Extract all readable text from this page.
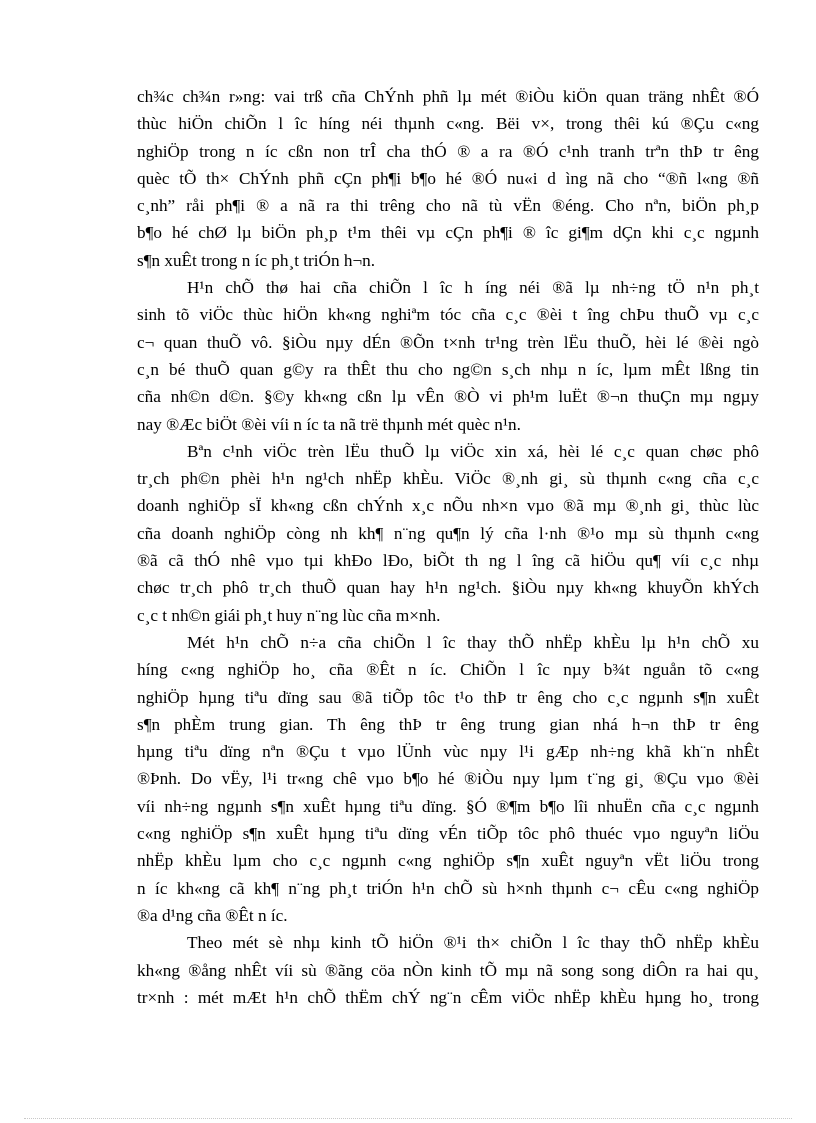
ch¾c ch¾n r»ng: vai trß cña ChÝnh phñ lµ mét ®iÒu kiÖn quan träng nhÊt ®Ó
thùc hiÖn chiÕn l îc híng néi thµnh c«ng. Bëi v×, trong thêi kú ®Çu c«ng
nghiÖp trong n íc cßn non trÎ cha thÓ ® a ra ®Ó c¹nh tranh trªn thÞ tr êng
quèc tÕ th× ChÝnh phñ cÇn ph¶i b¶o hé ®Ó nu«i d ìng nã cho “®ñ l«ng ®ñ
c¸nh” råi ph¶i ® a nã ra thi trêng cho nã tù vËn ®éng. Cho nªn, biÖn ph¸p
b¶o hé chØ lµ biÖn ph¸p t¹m thêi vµ cÇn ph¶i ® îc gi¶m dÇn khi c¸c ngµnh
s¶n xuÊt trong n íc ph¸t triÓn h¬n.
H¹n chÕ thø hai cña chiÕn l îc h íng néi ®ã lµ nh÷ng tÖ n¹n ph¸t
sinh tõ viÖc thùc hiÖn kh«ng nghiªm tóc cña c¸c ®èi t îng chÞu thuÕ vµ c¸c
c¬ quan thuÕ vô. §iÒu nµy dÉn ®Õn t×nh tr¹ng trèn lËu thuÕ, hèi lé ®èi ngò
c¸n bé thuÕ quan g©y ra thÊt thu cho ng©n s¸ch nhµ n íc, lµm mÊt lßng tin
cña nh©n d©n. §©y kh«ng cßn lµ vÊn ®Ò vi ph¹m luËt ®¬n thuÇn mµ ngµy
nay ®Æc biÖt ®èi víi n íc ta nã trë thµnh mét quèc n¹n.
Bªn c¹nh viÖc trèn lËu thuÕ lµ viÖc xin xá, hèi lé c¸c quan chøc phô
tr¸ch ph©n phèi h¹n ng¹ch nhËp khÈu. ViÖc ®¸nh gi¸ sù thµnh c«ng cña c¸c
doanh nghiÖp sÏ kh«ng cßn chÝnh x¸c nÕu nh×n vµo ®ã mµ ®¸nh gi¸ thùc lùc
cña doanh nghiÖp còng nh kh¶ n¨ng qu¶n lý cña l·nh ®¹o mµ sù thµnh c«ng
®ã cã thÓ nhê vµo tµi khÐo lÐo, biÕt th ng l îng cã hiÖu qu¶ víi c¸c nhµ
chøc tr¸ch phô tr¸ch thuÕ quan hay h¹n ng¹ch. §iÒu nµy kh«ng khuyÕn khÝch
c¸c t nh©n giái ph¸t huy n¨ng lùc cña m×nh.
Mét h¹n chÕ n÷a cña chiÕn l îc thay thÕ nhËp khÈu lµ h¹n chÕ xu
híng c«ng nghiÖp ho¸ cña ®Êt n íc. ChiÕn l îc nµy b¾t nguån tõ c«ng
nghiÖp hµng tiªu dïng sau ®ã tiÕp tôc t¹o thÞ tr êng cho c¸c ngµnh s¶n xuÊt
s¶n phÈm trung gian. Th êng thÞ tr êng trung gian nhá h¬n thÞ tr êng
hµng tiªu dïng nªn ®Çu t vµo lÜnh vùc nµy l¹i gÆp nh÷ng khã kh¨n nhÊt
®Þnh. Do vËy, l¹i tr«ng chê vµo b¶o hé ®iÒu nµy lµm t¨ng gi¸ ®Çu vµo ®èi
víi nh÷ng ngµnh s¶n xuÊt hµng tiªu dïng. §Ó ®¶m b¶o lîi nhuËn cña c¸c ngµnh
c«ng nghiÖp s¶n xuÊt hµng tiªu dïng vÉn tiÕp tôc phô thuéc vµo nguyªn liÖu
nhËp khÈu lµm cho c¸c ngµnh c«ng nghiÖp s¶n xuÊt nguyªn vËt liÖu trong
n íc kh«ng cã kh¶ n¨ng ph¸t triÓn h¹n chÕ sù h×nh thµnh c¬ cÊu c«ng nghiÖp
®a d¹ng cña ®Êt n íc.
Theo mét sè nhµ kinh tÕ hiÖn ®¹i th× chiÕn l îc thay thÕ nhËp khÈu
kh«ng ®ång nhÊt víi sù ®ãng cöa nÒn kinh tÕ mµ nã song song diÔn ra hai qu¸
tr×nh : mét mÆt h¹n chÕ thËm chÝ ng¨n cÊm viÖc nhËp khÈu hµng ho¸ trong
